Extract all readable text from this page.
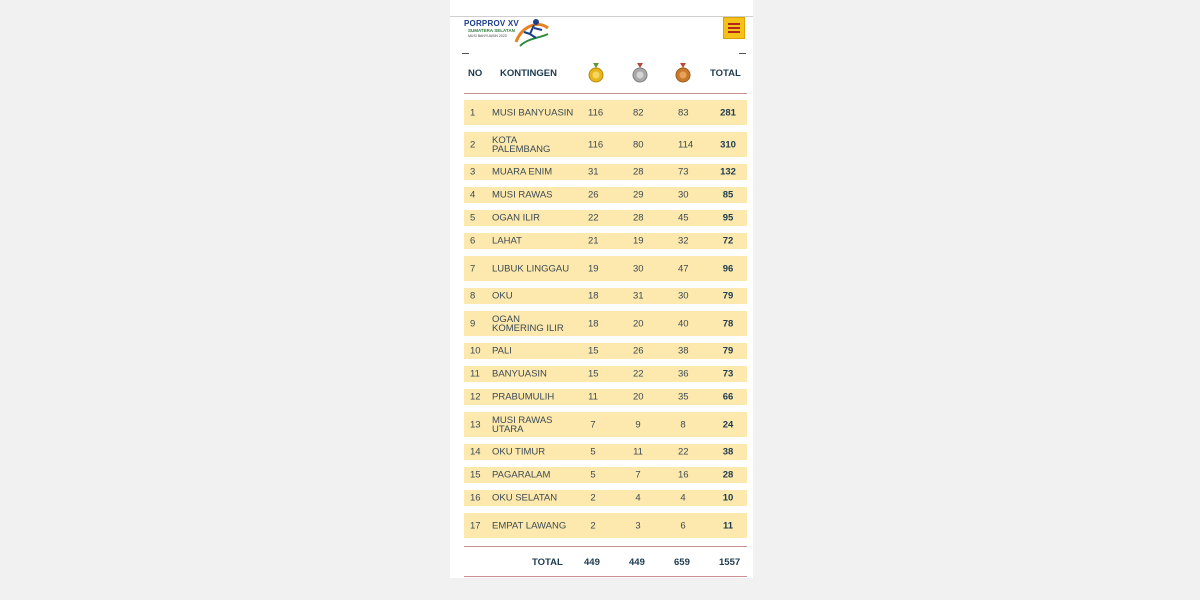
PORPROV XV
SUMATERA SELATAN
MUSI BANYUASIN 2023
NO KONTINGEN	TOTAL
1 MUSI BANYUASIN 116	82	83	281
2 KOTA PALEMBANG	116	80	114	310
3 MUARA ENIM	31	28	73	132
4 MUSI RAWAS	26	29	30	85
5 OGAN ILIR	22	28	45	95
6 LAHAT	21	19	32	72
7 LUBUK LINGGAU	19	30	47	96
8 OKU	18	31	30	79
9 OGAN KOMERING ILIR	18	20	40	78
10 PALI	15	26	38	79
11 BANYUASIN	15	22	36	73
12 PRABUMULIH	11	20	35	66
13 MUSI RAWAS UTARA	7	9	8	24
14 OKU TIMUR	5	11	22	38
15 PAGARALAM	5	7	16	28
16 OKU SELATAN	2	4	4	10
17 EMPAT LAWANG	2	3	6	11
TOTAL 449	449	659	1557
